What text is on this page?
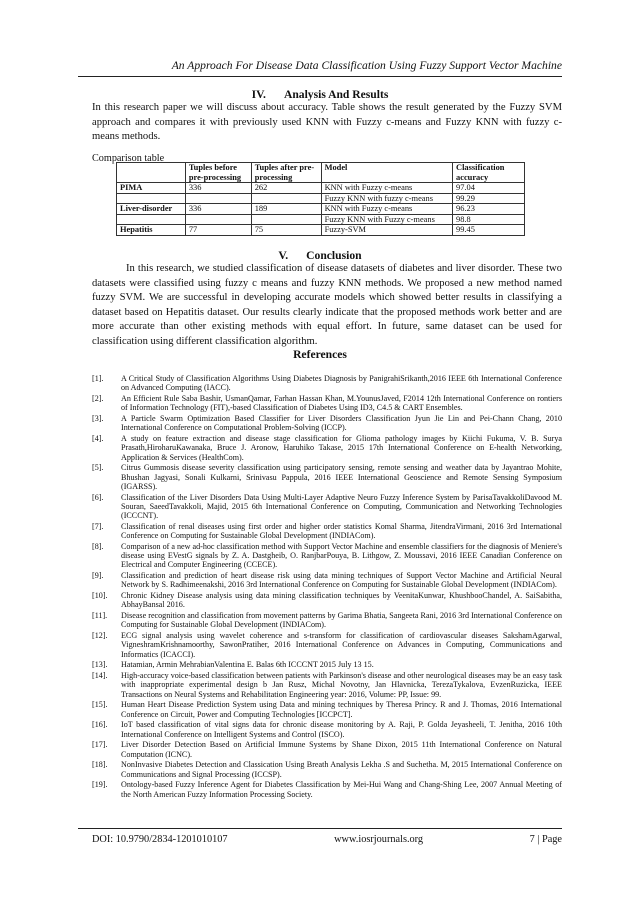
An Approach For Disease Data Classification Using Fuzzy Support Vector Machine
IV. Analysis And Results
In this research paper we will discuss about accuracy. Table shows the result generated by the Fuzzy SVM approach and compares it with previously used KNN with Fuzzy c-means and Fuzzy KNN with fuzzy c-means methods.
Comparison table
	Tuples before pre-processing	Tuples after pre-processing	Model	Classification accuracy
PIMA	336	262	KNN with Fuzzy c-means	97.04
			Fuzzy KNN with fuzzy c-means	99.29
Liver-disorder	336	189	KNN with Fuzzy c-means	96.23
			Fuzzy KNN with Fuzzy c-means	98.8
Hepatitis	77	75	Fuzzy-SVM	99.45
V. Conclusion
In this research, we studied classification of disease datasets of diabetes and liver disorder. These two datasets were classified using fuzzy c means and fuzzy KNN methods. We proposed a new method named fuzzy SVM. We are successful in developing accurate models which showed better results in classifying a dataset based on Hepatitis dataset. Our results clearly indicate that the proposed methods work better and are more accurate than other existing methods with equal effort. In future, same dataset can be used for classification using different classification algorithm.
References
[1].	A Critical Study of Classification Algorithms Using Diabetes Diagnosis by PanigrahiSrikanth,2016 IEEE 6th International Conference on Advanced Computing (IACC).
[2].	An Efficient Rule Saba Bashir, UsmanQamar, Farhan Hassan Khan, M.YounusJaved, F2014 12th International Conference on rontiers of Information Technology (FIT),-based Classification of Diabetes Using ID3, C4.5 & CART Ensembles.
[3].	A Particle Swarm Optimization Based Classifier for Liver Disorders Classification Jyun Jie Lin and Pei-Chann Chang, 2010 International Conference on Computational Problem-Solving (ICCP).
[4].	A study on feature extraction and disease stage classification for Glioma pathology images by Kiichi Fukuma, V. B. Surya Prasath,HiroharuKawanaka, Bruce J. Aronow, Haruhiko Takase, 2015 17th International Conference on E-health Networking, Application & Services (HealthCom).
[5].	Citrus Gummosis disease severity classification using participatory sensing, remote sensing and weather data by Jayantrao Mohite, Bhushan Jagyasi, Sonali Kulkarni, Srinivasu Pappula, 2016 IEEE International Geoscience and Remote Sensing Symposium (IGARSS).
[6].	Classification of the Liver Disorders Data Using Multi-Layer Adaptive Neuro Fuzzy Inference System by ParisaTavakkoliDavood M. Souran, SaeedTavakkoli, Majid, 2015 6th International Conference on Computing, Communication and Networking Technologies (ICCCNT).
[7].	Classification of renal diseases using first order and higher order statistics Komal Sharma, JitendraVirmani, 2016 3rd International Conference on Computing for Sustainable Global Development (INDIACom).
[8].	Comparison of a new ad-hoc classification method with Support Vector Machine and ensemble classifiers for the diagnosis of Meniere's disease using EVestG signals by Z. A. Dastgheib, O. RanjbarPouya, B. Lithgow, Z. Moussavi, 2016 IEEE Canadian Conference on Electrical and Computer Engineering (CCECE).
[9].	Classification and prediction of heart disease risk using data mining techniques of Support Vector Machine and Artificial Neural Network by S. Radhimeenakshi, 2016 3rd International Conference on Computing for Sustainable Global Development (INDIACom).
[10].	Chronic Kidney Disease analysis using data mining classification techniques by VeenitaKunwar, KhushbooChandel, A. SaiSabitha, AbhayBansal 2016.
[11].	Disease recognition and classification from movement patterns by Garima Bhatia, Sangeeta Rani, 2016 3rd International Conference on Computing for Sustainable Global Development (INDIACom).
[12].	ECG signal analysis using wavelet coherence and s-transform for classification of cardiovascular diseases SakshamAgarwal, VigneshramKrishnamoorthy, SawonPratiher, 2016 International Conference on Advances in Computing, Communications and Informatics (ICACCI).
[13].	Hatamian, Armin MehrabianValentina E. Balas 6th ICCCNT 2015 July 13 15.
[14].	High-accuracy voice-based classification between patients with Parkinson's disease and other neurological diseases may be an easy task with inappropriate experimental design b Jan Rusz, Michal Novotny, Jan Hlavnicka, TerezaTykalova, EvzenRuzicka, IEEE Transactions on Neural Systems and Rehabilitation Engineering year: 2016, Volume: PP, Issue: 99.
[15].	Human Heart Disease Prediction System using Data and mining techniques by Theresa Princy. R and J. Thomas, 2016 International Conference on Circuit, Power and Computing Technologies [ICCPCT].
[16].	IoT based classification of vital signs data for chronic disease monitoring by A. Raji, P. Golda Jeyasheeli, T. Jenitha, 2016 10th International Conference on Intelligent Systems and Control (ISCO).
[17].	Liver Disorder Detection Based on Artificial Immune Systems by Shane Dixon, 2015 11th International Conference on Natural Computation (ICNC).
[18].	NonInvasive Diabetes Detection and Classication Using Breath Analysis Lekha .S and Suchetha. M, 2015 International Conference on Communications and Signal Processing (ICCSP).
[19].	Ontology-based Fuzzy Inference Agent for Diabetes Classification by Mei-Hui Wang and Chang-Shing Lee, 2007 Annual Meeting of the North American Fuzzy Information Processing Society.
DOI: 10.9790/2834-1201010107	www.iosrjournals.org	7 | Page
